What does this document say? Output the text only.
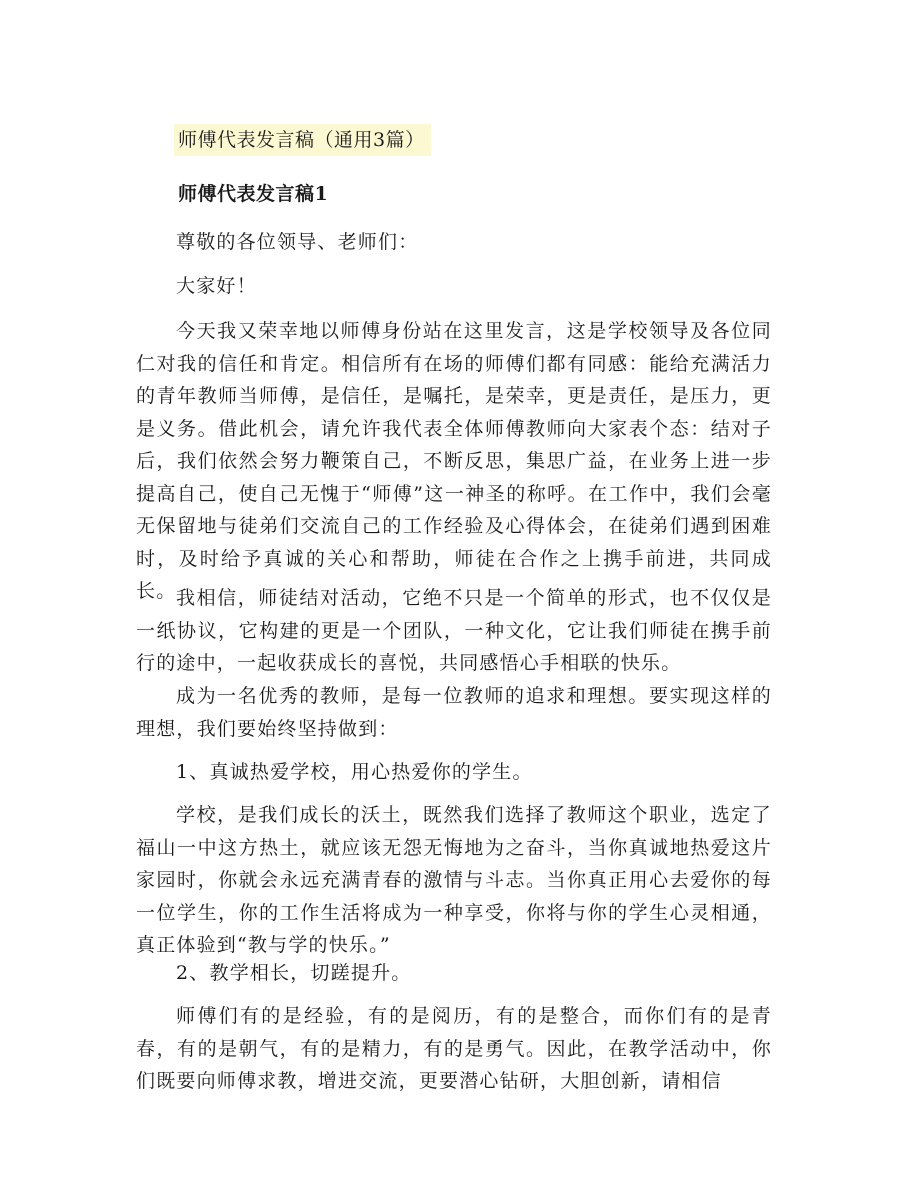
师傅代表发言稿（通用3篇）
师傅代表发言稿1

尊敬的各位领导、老师们：

大家好！

今天我又荣幸地以师傅身份站在这里发言，这是学校领导及各位同仁对我的信任和肯定。相信所有在场的师傅们都有同感：能给充满活力的青年教师当师傅，是信任，是嘱托，是荣幸，更是责任，是压力，更是义务。借此机会，请允许我代表全体师傅教师向大家表个态：结对子后，我们依然会努力鞭策自己，不断反思，集思广益，在业务上进一步提高自己，使自己无愧于“师傅”这一神圣的称呼。在工作中，我们会毫无保留地与徒弟们交流自己的工作经验及心得体会，在徒弟们遇到困难时，及时给予真诚的关心和帮助，师徒在合作之上携手前进，共同成长。 我相信，师徒结对活动，它绝不只是一个简单的形式，也不仅仅是一纸协议，它构建的更是一个团队，一种文化，它让我们师徒在携手前行的途中，一起收获成长的喜悦，共同感悟心手相联的快乐。

成为一名优秀的教师，是每一位教师的追求和理想。要实现这样的理想，我们要始终坚持做到：

1、真诚热爱学校，用心热爱你的学生。

学校，是我们成长的沃土，既然我们选择了教师这个职业，选定了福山一中这方热土，就应该无怨无悔地为之奋斗，当你真诚地热爱这片家园时，你就会永远充满青春的激情与斗志。当你真正用心去爱你的每一位学生，你的工作生活将成为一种享受，你将与你的学生心灵相通，真正体验到“教与学的快乐。”

2、教学相长，切蹉提升。

师傅们有的是经验，有的是阅历，有的是整合，而你们有的是青春，有的是朝气，有的是精力，有的是勇气。因此，在教学活动中，你们既要向师傅求教，增进交流，更要潜心钻研，大胆创新，请相信
